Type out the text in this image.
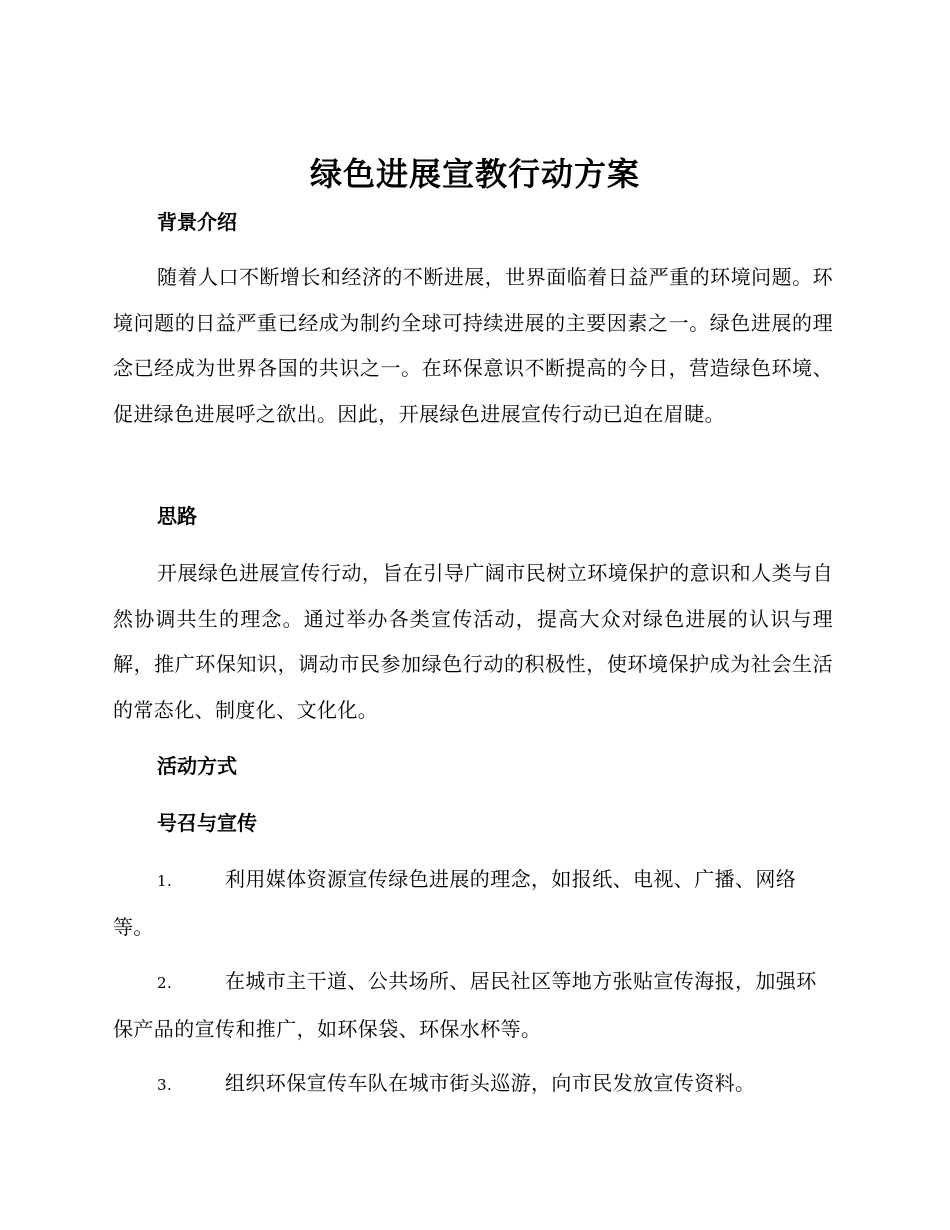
绿色进展宣教行动方案
背景介绍
随着人口不断增长和经济的不断进展，世界面临着日益严重的环境问题。环境问题的日益严重已经成为制约全球可持续进展的主要因素之一。绿色进展的理念已经成为世界各国的共识之一。在环保意识不断提高的今日，营造绿色环境、促进绿色进展呼之欲出。因此，开展绿色进展宣传行动已迫在眉睫。
思路
开展绿色进展宣传行动，旨在引导广阔市民树立环境保护的意识和人类与自然协调共生的理念。通过举办各类宣传活动，提高大众对绿色进展的认识与理解，推广环保知识，调动市民参加绿色行动的积极性，使环境保护成为社会生活的常态化、制度化、文化化。
活动方式
号召与宣传
1.	利用媒体资源宣传绿色进展的理念，如报纸、电视、广播、网络等。
2.	在城市主干道、公共场所、居民社区等地方张贴宣传海报，加强环保产品的宣传和推广，如环保袋、环保水杯等。
3.	组织环保宣传车队在城市街头巡游，向市民发放宣传资料。
